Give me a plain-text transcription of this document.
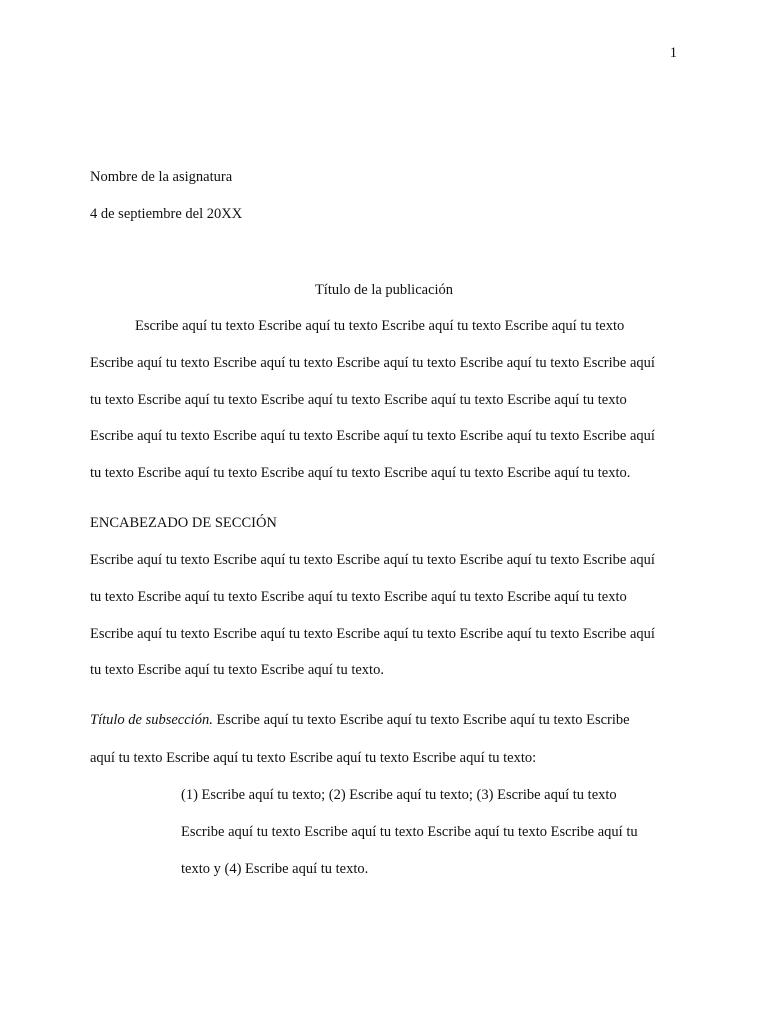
1
Nombre de la asignatura
4 de septiembre del 20XX
Título de la publicación
Escribe aquí tu texto Escribe aquí tu texto Escribe aquí tu texto Escribe aquí tu texto
Escribe aquí tu texto Escribe aquí tu texto Escribe aquí tu texto Escribe aquí tu texto Escribe aquí
tu texto Escribe aquí tu texto Escribe aquí tu texto Escribe aquí tu texto Escribe aquí tu texto
Escribe aquí tu texto Escribe aquí tu texto Escribe aquí tu texto Escribe aquí tu texto Escribe aquí
tu texto Escribe aquí tu texto Escribe aquí tu texto Escribe aquí tu texto Escribe aquí tu texto.
ENCABEZADO DE SECCIÓN
Escribe aquí tu texto Escribe aquí tu texto Escribe aquí tu texto Escribe aquí tu texto Escribe aquí
tu texto Escribe aquí tu texto Escribe aquí tu texto Escribe aquí tu texto Escribe aquí tu texto
Escribe aquí tu texto Escribe aquí tu texto Escribe aquí tu texto Escribe aquí tu texto Escribe aquí
tu texto Escribe aquí tu texto Escribe aquí tu texto.
Título de subsección. Escribe aquí tu texto Escribe aquí tu texto Escribe aquí tu texto Escribe
aquí tu texto Escribe aquí tu texto Escribe aquí tu texto Escribe aquí tu texto:
(1) Escribe aquí tu texto; (2) Escribe aquí tu texto; (3) Escribe aquí tu texto
Escribe aquí tu texto Escribe aquí tu texto Escribe aquí tu texto Escribe aquí tu
texto y (4) Escribe aquí tu texto.
